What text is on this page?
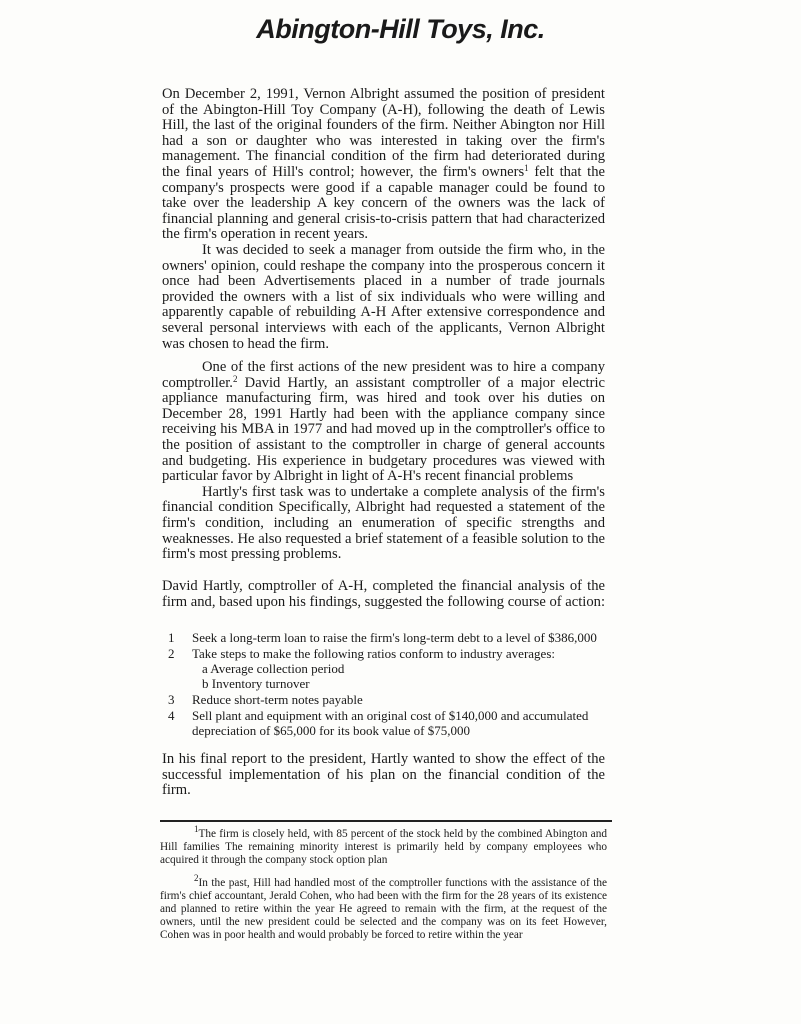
Abington-Hill Toys, Inc.

On December 2, 1991, Vernon Albright assumed the position of president of the Abington-Hill Toy Company (A-H), following the death of Lewis Hill, the last of the original founders of the firm. Neither Abington nor Hill had a son or daughter who was interested in taking over the firm's management. The financial condition of the firm had deteriorated during the final years of Hill's control; however, the firm's owners$^1$ felt that the company's prospects were good if a capable manager could be found to take over the leadership A key concern of the owners was the lack of financial planning and general crisis-to-crisis pattern that had characterized the firm's operation in recent years.

It was decided to seek a manager from outside the firm who, in the owners' opinion, could reshape the company into the prosperous concern it once had been Advertisements placed in a number of trade journals provided the owners with a list of six individuals who were willing and apparently capable of rebuilding A-H After extensive correspondence and several personal interviews with each of the applicants, Vernon Albright was chosen to head the firm.

One of the first actions of the new president was to hire a company comptroller.$^2$ David Hartly, an assistant comptroller of a major electric appliance manufacturing firm, was hired and took over his duties on December 28, 1991 Hartly had been with the appliance company since receiving his MBA in 1977 and had moved up in the comptroller's office to the position of assistant to the comptroller in charge of general accounts and budgeting. His experience in budgetary procedures was viewed with particular favor by Albright in light of A-H's recent financial problems

Hartly's first task was to undertake a complete analysis of the firm's financial condition Specifically, Albright had requested a statement of the firm's condition, including an enumeration of specific strengths and weaknesses. He also requested a brief statement of a feasible solution to the firm's most pressing problems.

David Hartly, comptroller of A-H, completed the financial analysis of the firm and, based upon his findings, suggested the following course of action:

1 Seek a long-term loan to raise the firm's long-term debt to a level of $386,000
2 Take steps to make the following ratios conform to industry averages:
a Average collection period
b Inventory turnover
3 Reduce short-term notes payable
4 Sell plant and equipment with an original cost of $140,000 and accumulated depreciation of $65,000 for its book value of $75,000

In his final report to the president, Hartly wanted to show the effect of the successful implementation of his plan on the financial condition of the firm.

$^1$The firm is closely held, with 85 percent of the stock held by the combined Abington and Hill families The remaining minority interest is primarily held by company employees who acquired it through the company stock option plan

$^2$In the past, Hill had handled most of the comptroller functions with the assistance of the firm's chief accountant, Jerald Cohen, who had been with the firm for the 28 years of its existence and planned to retire within the year He agreed to remain with the firm, at the request of the owners, until the new president could be selected and the company was on its feet However, Cohen was in poor health and would probably be forced to retire within the year
